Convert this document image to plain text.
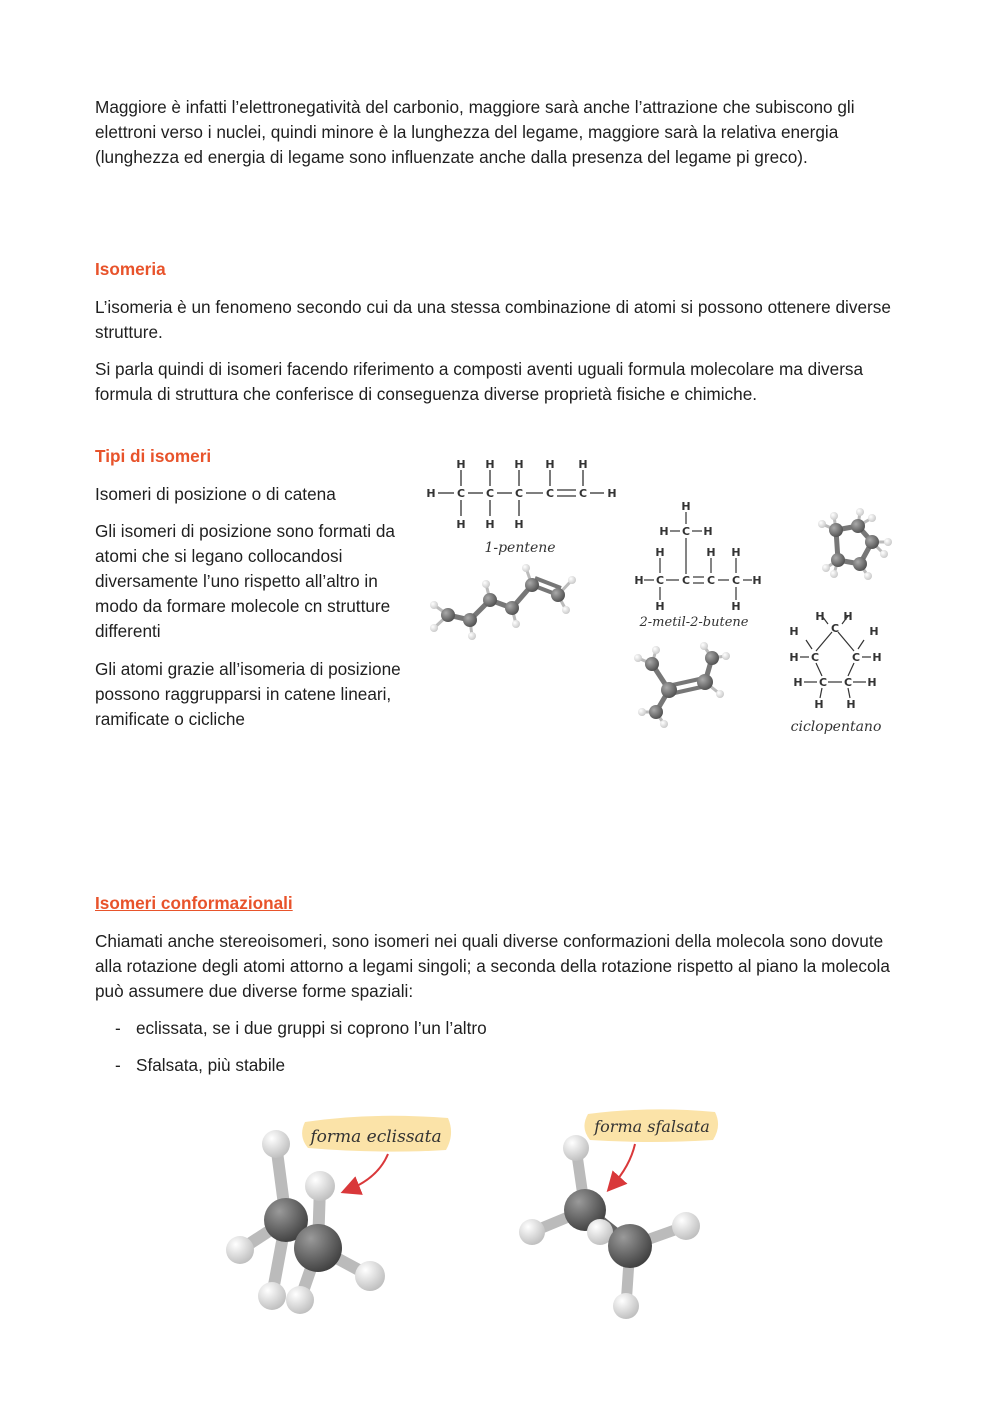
Maggiore è infatti l’elettronegatività del carbonio, maggiore sarà anche l’attrazione che subiscono gli elettroni verso i nuclei, quindi minore è la lunghezza del legame, maggiore sarà la relativa energia (lunghezza ed energia di legame sono influenzate anche dalla presenza del legame pi greco).

Isomeria

L’isomeria è un fenomeno secondo cui da una stessa combinazione di atomi si possono ottenere diverse strutture.

Si parla quindi di isomeri facendo riferimento a composti aventi uguali formula molecolare ma diversa formula di struttura che conferisce di conseguenza diverse proprietà fisiche e chimiche.

Tipi di isomeri

Isomeri di posizione o di catena

Gli isomeri di posizione sono formati da atomi che si legano collocandosi diversamente l’uno rispetto all’altro in modo da formare molecole cn strutture differenti

Gli atomi grazie all’isomeria di posizione possono raggrupparsi in catene lineari, ramificate o cicliche

H H H H H
H C C C C C H
H H H
1-pentene
H
H C H
H	H H
H C C C C H
H	H
2-metil-2-butene	C
H H
H	H
H C	C H
H C C H
H H
ciclopentano
Isomeri conformazionali

Chiamati anche stereoisomeri, sono isomeri nei quali diverse conformazioni della molecola sono dovute alla rotazione degli atomi attorno a legami singoli; a seconda della rotazione rispetto al piano la molecola può assumere due diverse forme spaziali:

- eclissata, se i due gruppi si coprono l’un l’altro
- Sfalsata, più stabile
forma eclissata
forma sfalsata
